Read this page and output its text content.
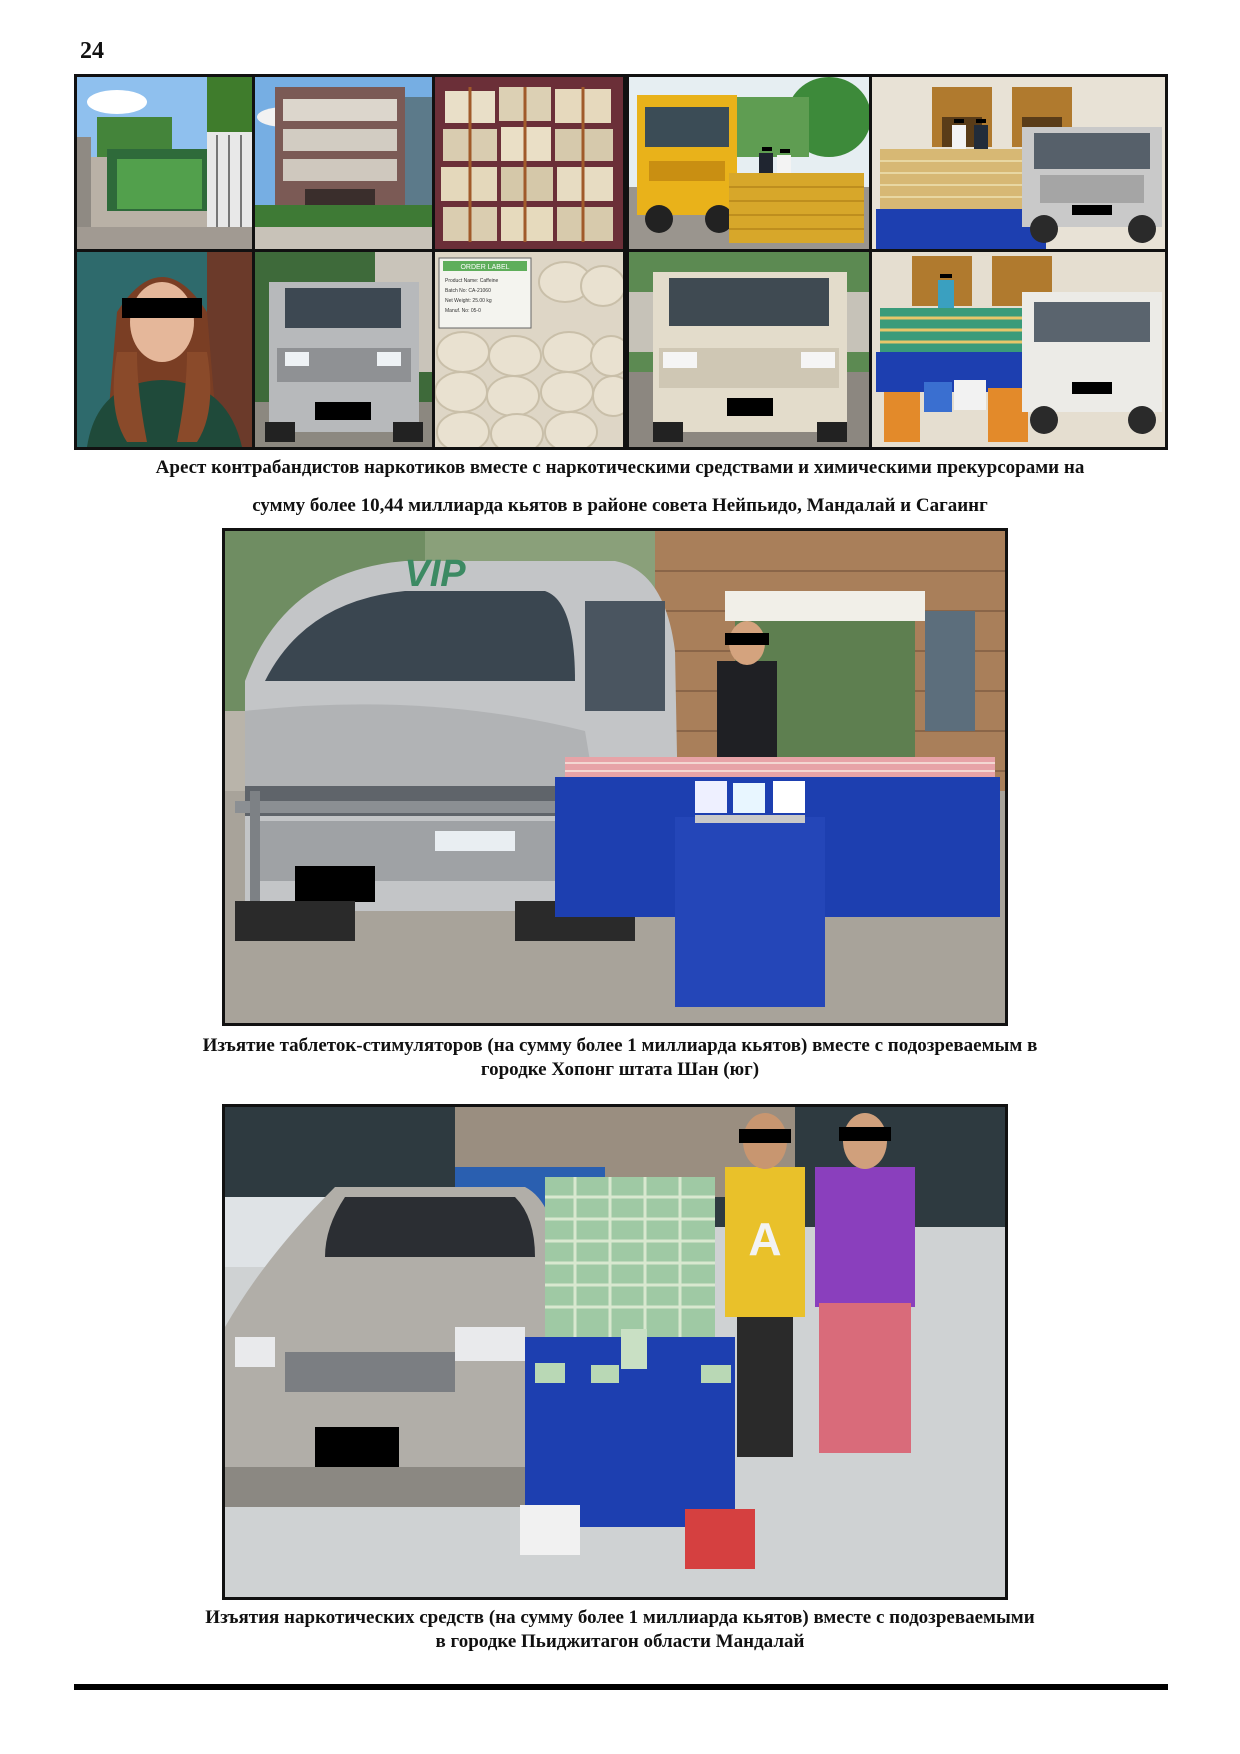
24
ORDER LABEL
Product Name: Caffeine
Batch No: CA-21060
Net Weight: 25.00 kg
Manuf. No: 05-0
Арест контрабандистов наркотиков вместе с наркотическими средствами и химическими прекурсорами на
сумму более 10,44 миллиарда кьятов в районе совета Нейпьидо, Мандалай и Сагаинг
VIP
Изъятие таблеток-стимуляторов (на сумму более 1 миллиарда кьятов) вместе с подозреваемым в
городке Хопонг штата Шан (юг)
A
Изъятия наркотических средств (на сумму более 1 миллиарда кьятов) вместе с подозреваемыми
в городке Пьиджитагон области Мандалай
